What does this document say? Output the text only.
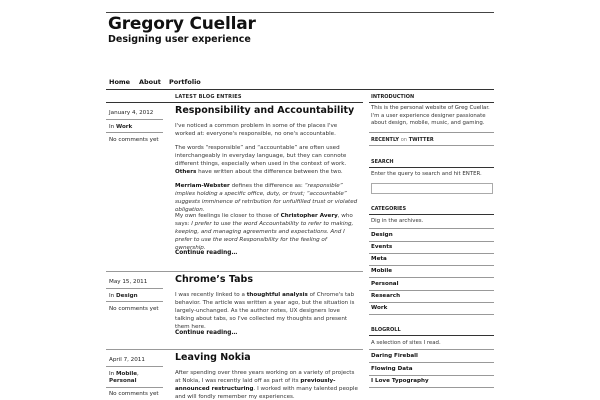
Gregory Cuellar
Designing user experience
Home About Portfolio
LATEST BLOG ENTRIES
January 4, 2012
In Work
No comments yet
Responsibility and Accountability
I've noticed a common problem in some of the places I've worked at: everyone's responsible, no one's accountable.
The words “responsible” and “accountable” are often used interchangeably in everyday language, but they can connote different things, especially when used in the context of work. Others have written about the difference between the two.
Merriam-Webster defines the difference as: “responsible” implies holding a specific office, duty, or trust; “accountable” suggests imminence of retribution for unfulfilled trust or violated obligation.
My own feelings lie closer to those of Christopher Avery, who says: I prefer to use the word Accountability to refer to making, keeping, and managing agreements and expectations. And I prefer to use the word Responsibility for the feeling of ownership.
Continue reading…
May 15, 2011
In Design
No comments yet
Chrome’s Tabs
I was recently linked to a thoughtful analysis of Chrome's tab behavior. The article was written a year ago, but the situation is largely-unchanged. As the author notes, UX designers love talking about tabs, so I've collected my thoughts and present them here.
Continue reading…
April 7, 2011
In Mobile,
Personal
No comments yet
Leaving Nokia
After spending over three years working on a variety of projects at Nokia, I was recently laid off as part of its previously-announced restructuring. I worked with many talented people and will fondly remember my experiences.
INTRODUCTION
This is the personal website of Greg Cuellar. I'm a user experience designer passionate about design, mobile, music, and gaming.
RECENTLY on TWITTER
SEARCH
Enter the query to search and hit ENTER.
CATEGORIES
Dig in the archives.
Design
Events
Meta
Mobile
Personal
Research
Work
BLOGROLL
A selection of sites I read.
Daring Fireball
Flowing Data
I Love Typography
